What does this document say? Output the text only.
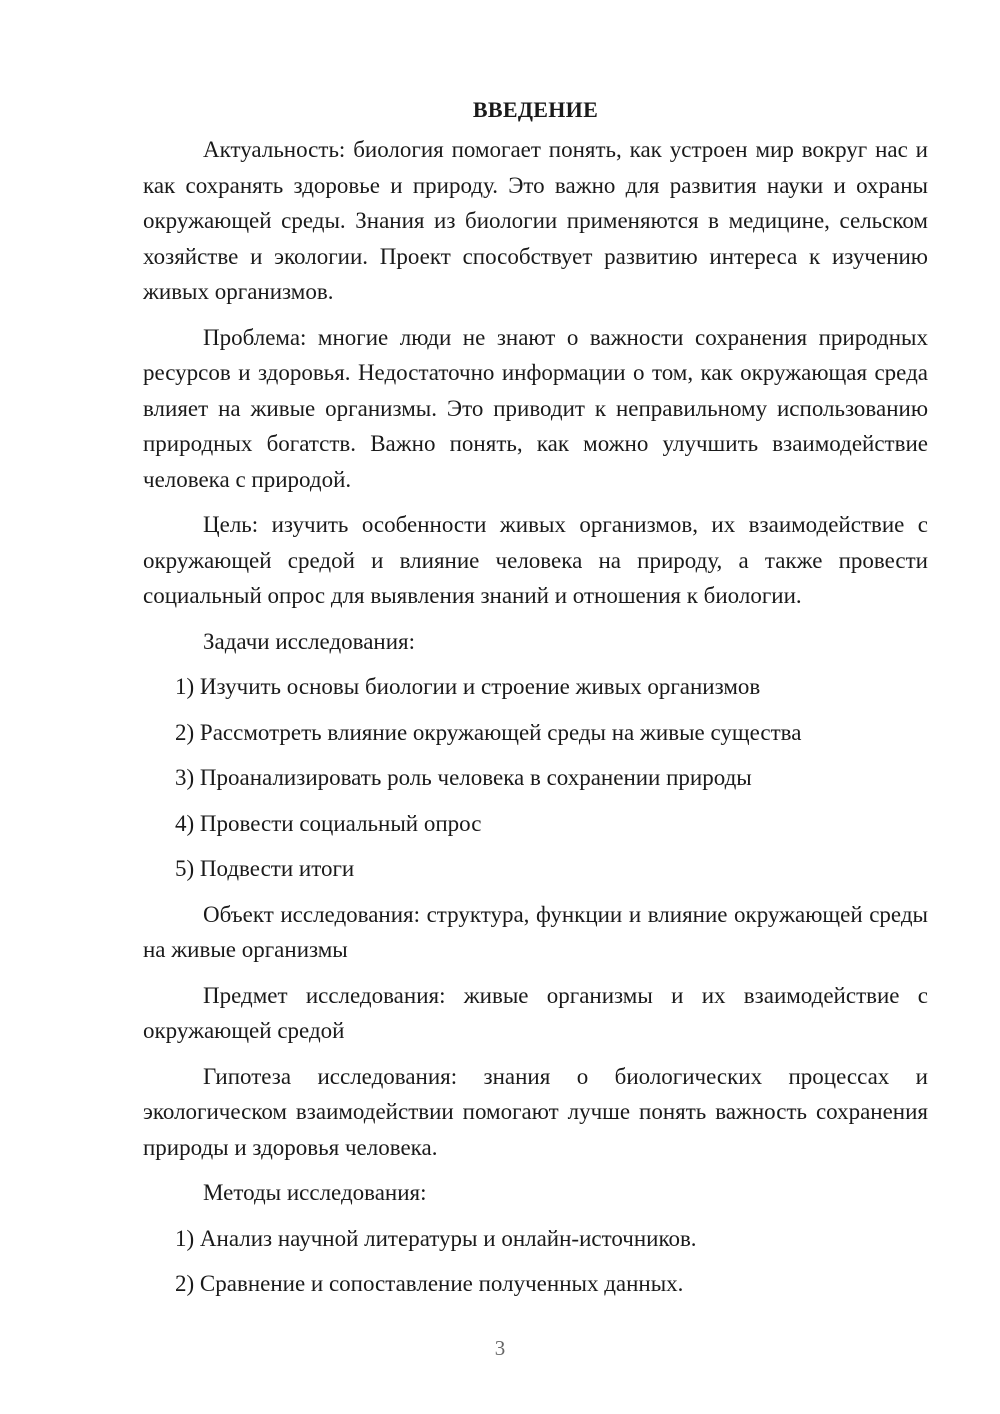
ВВЕДЕНИЕ

Актуальность: биология помогает понять, как устроен мир вокруг нас и как сохранять здоровье и природу. Это важно для развития науки и охраны окружающей среды. Знания из биологии применяются в медицине, сельском хозяйстве и экологии. Проект способствует развитию интереса к изучению живых организмов.

Проблема: многие люди не знают о важности сохранения природных ресурсов и здоровья. Недостаточно информации о том, как окружающая среда влияет на живые организмы. Это приводит к неправильному использованию природных богатств. Важно понять, как можно улучшить взаимодействие человека с природой.

Цель: изучить особенности живых организмов, их взаимодействие с окружающей средой и влияние человека на природу, а также провести социальный опрос для выявления знаний и отношения к биологии.

Задачи исследования:
1) Изучить основы биологии и строение живых организмов
2) Рассмотреть влияние окружающей среды на живые существа
3) Проанализировать роль человека в сохранении природы
4) Провести социальный опрос
5) Подвести итоги

Объект исследования: структура, функции и влияние окружающей среды на живые организмы

Предмет исследования: живые организмы и их взаимодействие с окружающей средой

Гипотеза исследования: знания о биологических процессах и экологическом взаимодействии помогают лучше понять важность сохранения природы и здоровья человека.

Методы исследования:
1) Анализ научной литературы и онлайн-источников.
2) Сравнение и сопоставление полученных данных.
3
